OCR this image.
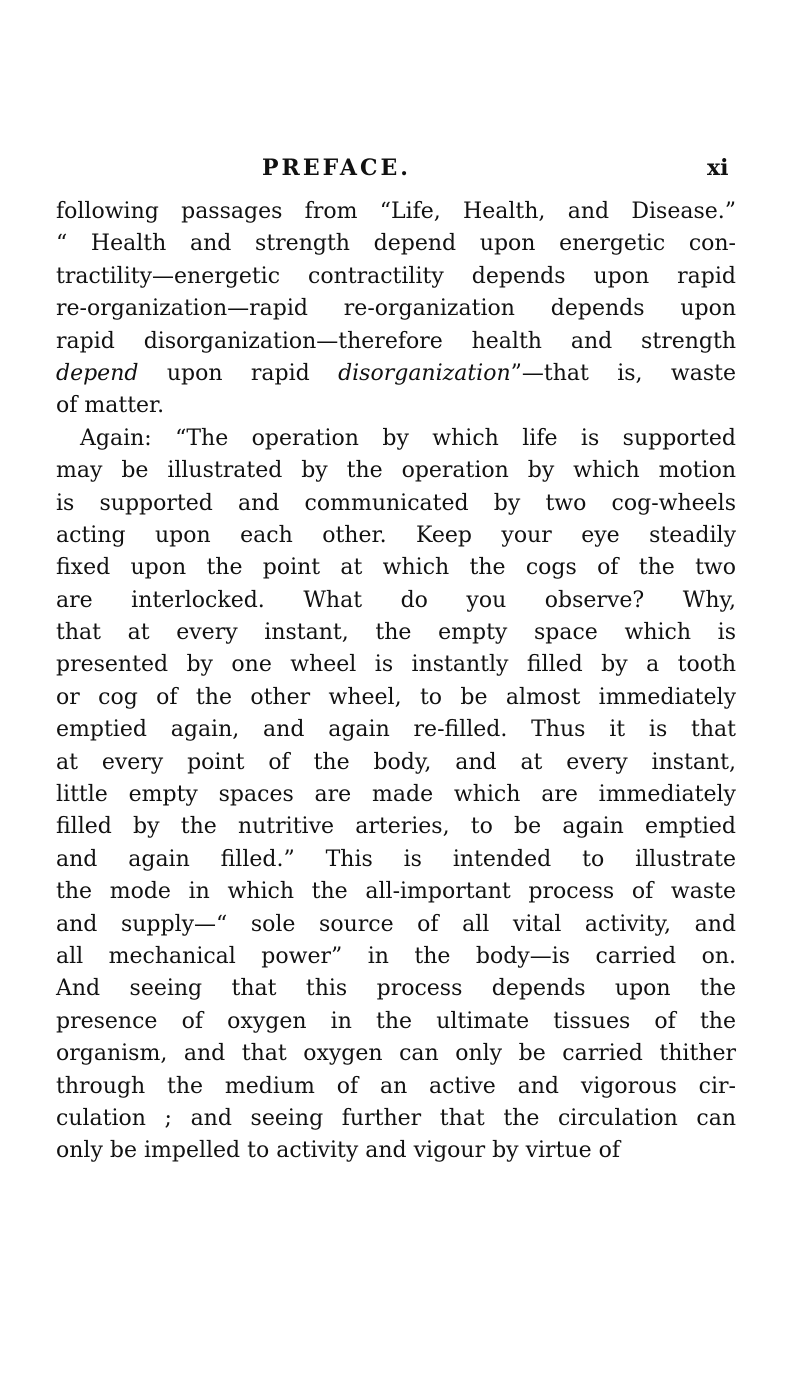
PREFACE.	xi
following passages from “Life, Health, and Disease.”
“ Health and strength depend upon energetic con-
tractility—energetic contractility depends upon rapid
re-organization—rapid re-organization depends upon
rapid disorganization—therefore health and strength
depend upon rapid disorganization”—that is, waste
of matter.
Again: “The operation by which life is supported
may be illustrated by the operation by which motion
is supported and communicated by two cog-wheels
acting upon each other. Keep your eye steadily
fixed upon the point at which the cogs of the two
are interlocked. What do you observe? Why,
that at every instant, the empty space which is
presented by one wheel is instantly filled by a tooth
or cog of the other wheel, to be almost immediately
emptied again, and again re-filled. Thus it is that
at every point of the body, and at every instant,
little empty spaces are made which are immediately
filled by the nutritive arteries, to be again emptied
and again filled.” This is intended to illustrate
the mode in which the all-important process of waste
and supply—“ sole source of all vital activity, and
all mechanical power” in the body—is carried on.
And seeing that this process depends upon the
presence of oxygen in the ultimate tissues of the
organism, and that oxygen can only be carried thither
through the medium of an active and vigorous cir-
culation ; and seeing further that the circulation can
only be impelled to activity and vigour by virtue of
